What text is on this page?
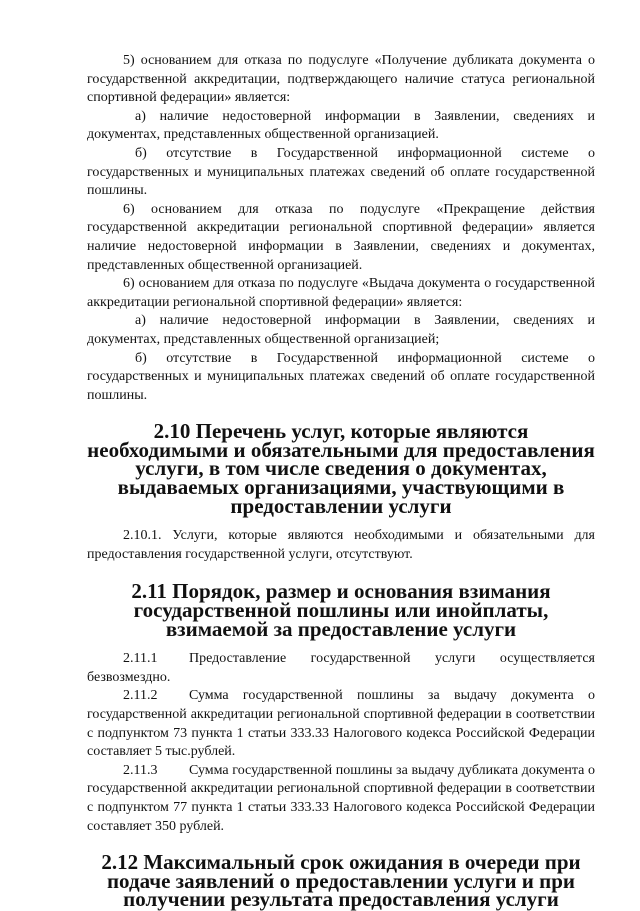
5) основанием для отказа по подуслуге «Получение дубликата документа о государственной аккредитации, подтверждающего наличие статуса региональной спортивной федерации» является:

а) наличие недостоверной информации в Заявлении, сведениях и документах, представленных общественной организацией.

б) отсутствие в Государственной информационной системе о государственных и муниципальных платежах сведений об оплате государственной пошлины.

6) основанием для отказа по подуслуге «Прекращение действия государственной аккредитации региональной спортивной федерации» является наличие недостоверной информации в Заявлении, сведениях и документах, представленных общественной организацией.

6) основанием для отказа по подуслуге «Выдача документа о государственной аккредитации региональной спортивной федерации» является:

а) наличие недостоверной информации в Заявлении, сведениях и документах, представленных общественной организацией;

б) отсутствие в Государственной информационной системе о государственных и муниципальных платежах сведений об оплате государственной пошлины.

2.10 Перечень услуг, которые являются необходимыми и обязательными для предоставления услуги, в том числе сведения о документах, выдаваемых организациями, участвующими в предоставлении услуги

2.10.1. Услуги, которые являются необходимыми и обязательными для предоставления государственной услуги, отсутствуют.

2.11 Порядок, размер и основания взимания государственной пошлины или инойплаты, взимаемой за предоставление услуги

2.11.1 Предоставление государственной услуги осуществляется безвозмездно.

2.11.2 Сумма государственной пошлины за выдачу документа о государственной аккредитации региональной спортивной федерации в соответствии с подпунктом 73 пункта 1 статьи 333.33 Налогового кодекса Российской Федерации составляет 5 тыс.рублей.

2.11.3 Сумма государственной пошлины за выдачу дубликата документа о государственной аккредитации региональной спортивной федерации в соответствии с подпунктом 77 пункта 1 статьи 333.33 Налогового кодекса Российской Федерации составляет 350 рублей.

2.12 Максимальный срок ожидания в очереди при подаче заявлений о предоставлении услуги и при получении результата предоставления услуги
